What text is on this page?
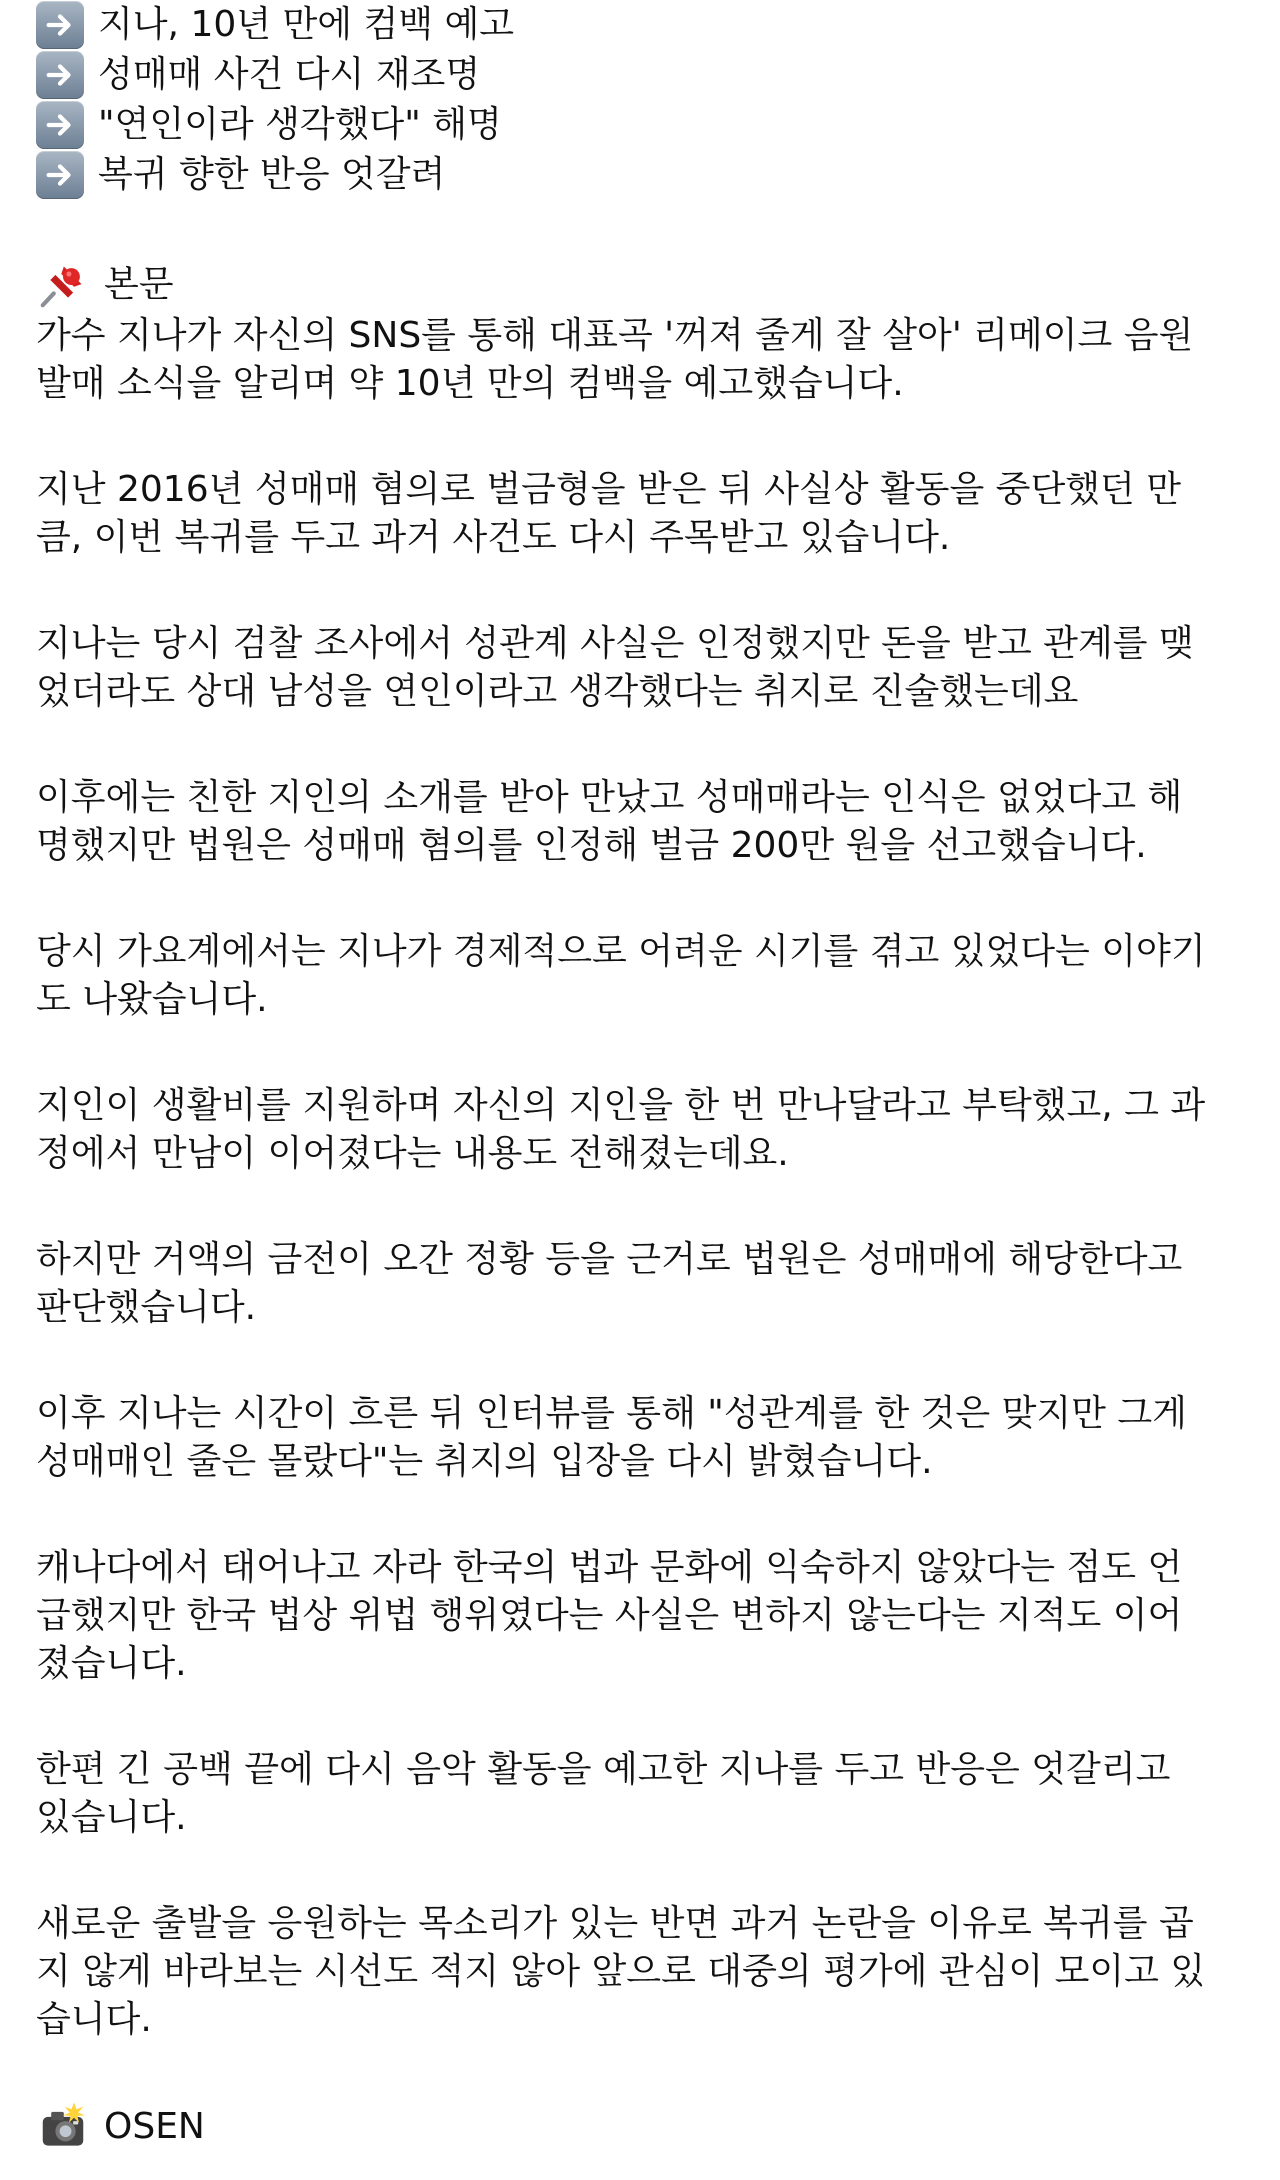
지나, 10년 만에 컴백 예고
성매매 사건 다시 재조명
"연인이라 생각했다" 해명
복귀 향한 반응 엇갈려
본문

가수 지나가 자신의 SNS를 통해 대표곡 '꺼져 줄게 잘 살아' 리메이크 음원
발매 소식을 알리며 약 10년 만의 컴백을 예고했습니다.

지난 2016년 성매매 혐의로 벌금형을 받은 뒤 사실상 활동을 중단했던 만
큼, 이번 복귀를 두고 과거 사건도 다시 주목받고 있습니다.

지나는 당시 검찰 조사에서 성관계 사실은 인정했지만 돈을 받고 관계를 맺
었더라도 상대 남성을 연인이라고 생각했다는 취지로 진술했는데요

이후에는 친한 지인의 소개를 받아 만났고 성매매라는 인식은 없었다고 해
명했지만 법원은 성매매 혐의를 인정해 벌금 200만 원을 선고했습니다.

당시 가요계에서는 지나가 경제적으로 어려운 시기를 겪고 있었다는 이야기
도 나왔습니다.

지인이 생활비를 지원하며 자신의 지인을 한 번 만나달라고 부탁했고, 그 과
정에서 만남이 이어졌다는 내용도 전해졌는데요.

하지만 거액의 금전이 오간 정황 등을 근거로 법원은 성매매에 해당한다고
판단했습니다.

이후 지나는 시간이 흐른 뒤 인터뷰를 통해 "성관계를 한 것은 맞지만 그게
성매매인 줄은 몰랐다"는 취지의 입장을 다시 밝혔습니다.

캐나다에서 태어나고 자라 한국의 법과 문화에 익숙하지 않았다는 점도 언
급했지만 한국 법상 위법 행위였다는 사실은 변하지 않는다는 지적도 이어
졌습니다.

한편 긴 공백 끝에 다시 음악 활동을 예고한 지나를 두고 반응은 엇갈리고
있습니다.

새로운 출발을 응원하는 목소리가 있는 반면 과거 논란을 이유로 복귀를 곱
지 않게 바라보는 시선도 적지 않아 앞으로 대중의 평가에 관심이 모이고 있
습니다.

OSEN
